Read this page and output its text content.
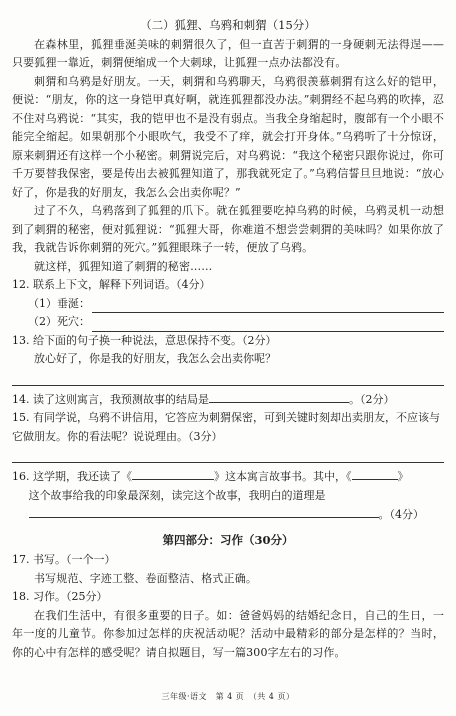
（二）狐狸、乌鸦和刺猬（15分）

在森林里，狐狸垂涎美味的刺猬很久了，但一直苦于刺猬的一身硬刺无法得逞——只要狐狸一靠近，刺猬便缩成一个大刺球，让狐狸一点办法都没有。

刺猬和乌鸦是好朋友。一天，刺猬和乌鸦聊天，乌鸦很羡慕刺猬有这么好的铠甲，便说：“朋友，你的这一身铠甲真好啊，就连狐狸都没办法。”刺猬经不起乌鸦的吹捧，忍不住对乌鸦说：“其实，我的铠甲也不是没有弱点。当我全身缩起时，腹部有一个小眼不能完全缩起。如果朝那个小眼吹气，我受不了痒，就会打开身体。”乌鸦听了十分惊讶，原来刺猬还有这样一个小秘密。刺猬说完后，对乌鸦说：“我这个秘密只跟你说过，你可千万要替我保密，要是传出去被狐狸知道了，那我就死定了。”乌鸦信誓旦旦地说：“放心好了，你是我的好朋友，我怎么会出卖你呢？”

过了不久，乌鸦落到了狐狸的爪下。就在狐狸要吃掉乌鸦的时候，乌鸦灵机一动想到了刺猬的秘密，便对狐狸说：“狐狸大哥，你难道不想尝尝刺猬的美味吗？如果你放了我，我就告诉你刺猬的死穴。”狐狸眼珠子一转，便放了乌鸦。

就这样，狐狸知道了刺猬的秘密……

12. 联系上下文，解释下列词语。（4分）

（1）垂涎：
（2）死穴：

13. 给下面的句子换一种说法，意思保持不变。（2分）

放心好了，你是我的好朋友，我怎么会出卖你呢？

14. 读了这则寓言，我预测故事的结局是	。（2分）

15. 有同学说，乌鸦不讲信用，它答应为刺猬保密，可到关键时刻却出卖朋友，不应该与它做朋友。你的看法呢？说说理由。（3分）

16. 这学期，我还读了《	》这本寓言故事书。其中，《	》

这个故事给我的印象最深刻，读完这个故事，我明白的道理是

。（4分）

第四部分：习作（30分）

17. 书写。（一个一）

书写规范、字迹工整、卷面整洁、格式正确。

18. 习作。（25分）

在我们生活中，有很多重要的日子。如：爸爸妈妈的结婚纪念日，自己的生日，一年一度的儿童节。你参加过怎样的庆祝活动呢？活动中最精彩的部分是怎样的？当时，你的心中有怎样的感受呢？请自拟题目，写一篇300字左右的习作。

三年级·语文　第 4 页　（共 4 页）
